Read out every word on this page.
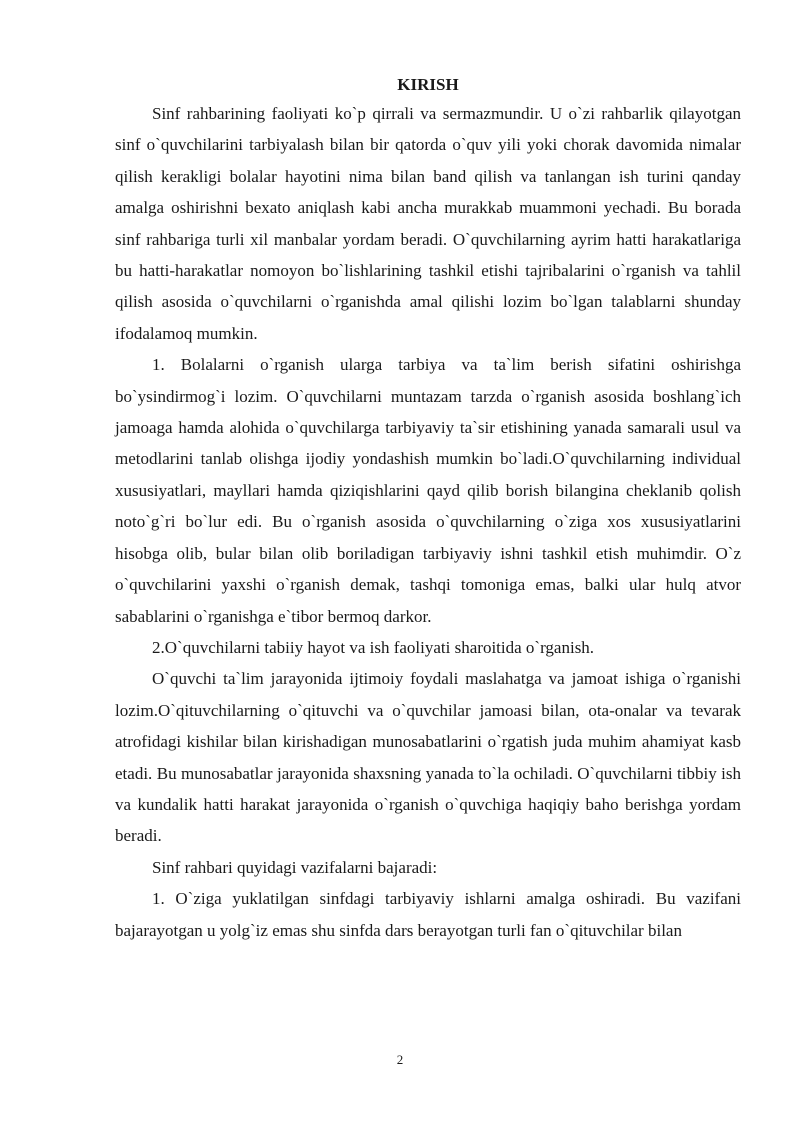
KIRISH

Sinf rahbarining faoliyati ko`p qirrali va sermazmundir. U o`zi rahbarlik qilayotgan sinf o`quvchilarini tarbiyalash bilan bir qatorda o`quv yili yoki chorak davomida nimalar qilish kerakligi bolalar hayotini nima bilan band qilish va tanlangan ish turini qanday amalga oshirishni bexato aniqlash kabi ancha murakkab muammoni yechadi. Bu borada sinf rahbariga turli xil manbalar yordam beradi. O`quvchilarning ayrim hatti harakatlariga bu hatti-harakatlar nomoyon bo`lishlarining tashkil etishi tajribalarini o`rganish va tahlil qilish asosida o`quvchilarni o`rganishda amal qilishi lozim bo`lgan talablarni shunday ifodalamoq mumkin.

1. Bolalarni o`rganish ularga tarbiya va ta`lim berish sifatini oshirishga bo`ysindirmog`i lozim. O`quvchilarni muntazam tarzda o`rganish asosida boshlang`ich jamoaga hamda alohida o`quvchilarga tarbiyaviy ta`sir etishining yanada samarali usul va metodlarini tanlab olishga ijodiy yondashish mumkin bo`ladi.O`quvchilarning individual xususiyatlari, mayllari hamda qiziqishlarini qayd qilib borish bilangina cheklanib qolish noto`g`ri bo`lur edi. Bu o`rganish asosida o`quvchilarning o`ziga xos xususiyatlarini hisobga olib, bular bilan olib boriladigan tarbiyaviy ishni tashkil etish muhimdir. O`z o`quvchilarini yaxshi o`rganish demak, tashqi tomoniga emas, balki ular hulq atvor sabablarini o`rganishga e`tibor bermoq darkor.

2.O`quvchilarni tabiiy hayot va ish faoliyati sharoitida o`rganish.

O`quvchi ta`lim jarayonida ijtimoiy foydali maslahatga va jamoat ishiga o`rganishi lozim.O`qituvchilarning o`qituvchi va o`quvchilar jamoasi bilan, ota-onalar va tevarak atrofidagi kishilar bilan kirishadigan munosabatlarini o`rgatish juda muhim ahamiyat kasb etadi. Bu munosabatlar jarayonida shaxsning yanada to`la ochiladi. O`quvchilarni tibbiy ish va kundalik hatti harakat jarayonida o`rganish o`quvchiga haqiqiy baho berishga yordam beradi.

Sinf rahbari quyidagi vazifalarni bajaradi:

1. O`ziga yuklatilgan sinfdagi tarbiyaviy ishlarni amalga oshiradi. Bu vazifani bajarayotgan u yolg`iz emas shu sinfda dars berayotgan turli fan o`qituvchilar bilan

2
